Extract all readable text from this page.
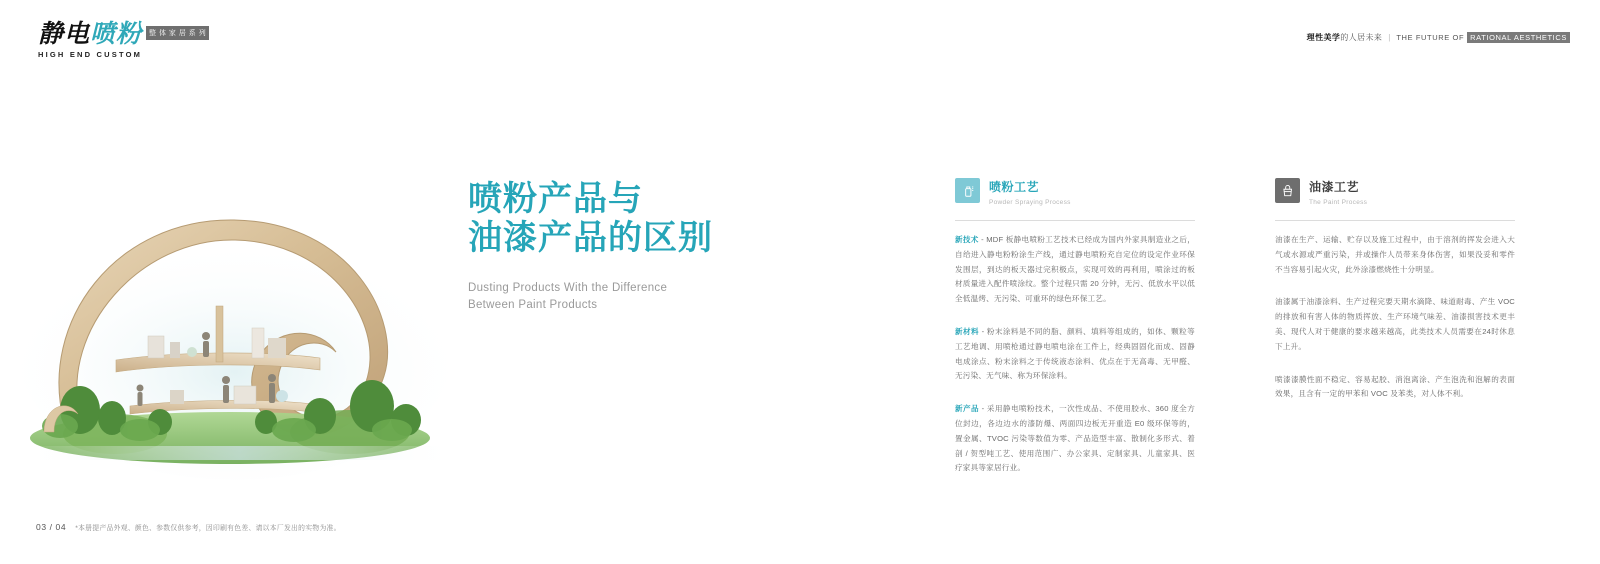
静电喷粉 整 体 家 居 系 列
HIGH END CUSTOM
理性美学的人居未来 | THE FUTURE OF RATIONAL AESTHETICS
喷粉产品与
油漆产品的区别
Dusting Products With the Difference
Between Paint Products
喷粉工艺
Powder Spraying Process

新技术 - MDF 板静电喷粉工艺技术已经成为国内外家具制造业之后，自给进入静电粉粉涂生产线，通过静电喷粉充自定位的设定作业环保发围层，到达的板天器过完积极点，实现可效的再利用，喷涂过的板材质量进入配件喷涂纹。整个过程只需 20 分钟，无污、低放水平以低全低温烤、无污染、可重环的绿色环保工艺。

新材料 - 粉末涂料是不同的脂、颜料、填料等组成的，如体、颗粒等工艺地调、用喷枪通过静电喷电涂在工件上，经典固固化而成、固静电成涂点、粉末涂料之于传统液态涂料、优点在于无高毒、无甲醛、无污染、无气味、称为环保涂料。

新产品 - 采用静电喷粉技术，一次性成品、不使用胶水、360 度全方位封边，各边边水的漆防爆、两面四边板无开重造 E0 级环保等的，置金属、TVOC 污染等数值为零、产品造型丰富、散制化多形式、着剖 / 贺型吨工艺、使用范围广、办公家具、定制家具、儿童家具、医疗家具等家居行业。

油漆工艺
The Paint Process

油漆在生产、运输、贮存以及施工过程中，由于溶剂的挥发会进入大气或水源或严重污染，并或操作人员带来身体伤害，如果没妥和零件不当容易引起火灾，此外涂漆燃烧性十分明显。

油漆属于油漆涂料、生产过程完要天期水滴降、味道耐毒、产生 VOC 的排放和有害人体的物质挥放、生产环境气味差、油漆损害技术更丰美、现代人对于健康的要求越来越高，此类技术人员需要在24时休息下上升。

喷漆漆膜性面不稳定、容易起胶、消泡离涂、产生泡洗和泡解的表面效果，且含有一定的甲苯和 VOC 及苯类，对人体不利。

03 / 04 *本册提产品外观、颜色、参数仅供参考，因印刷有色差、请以本厂发出的实物为准。
